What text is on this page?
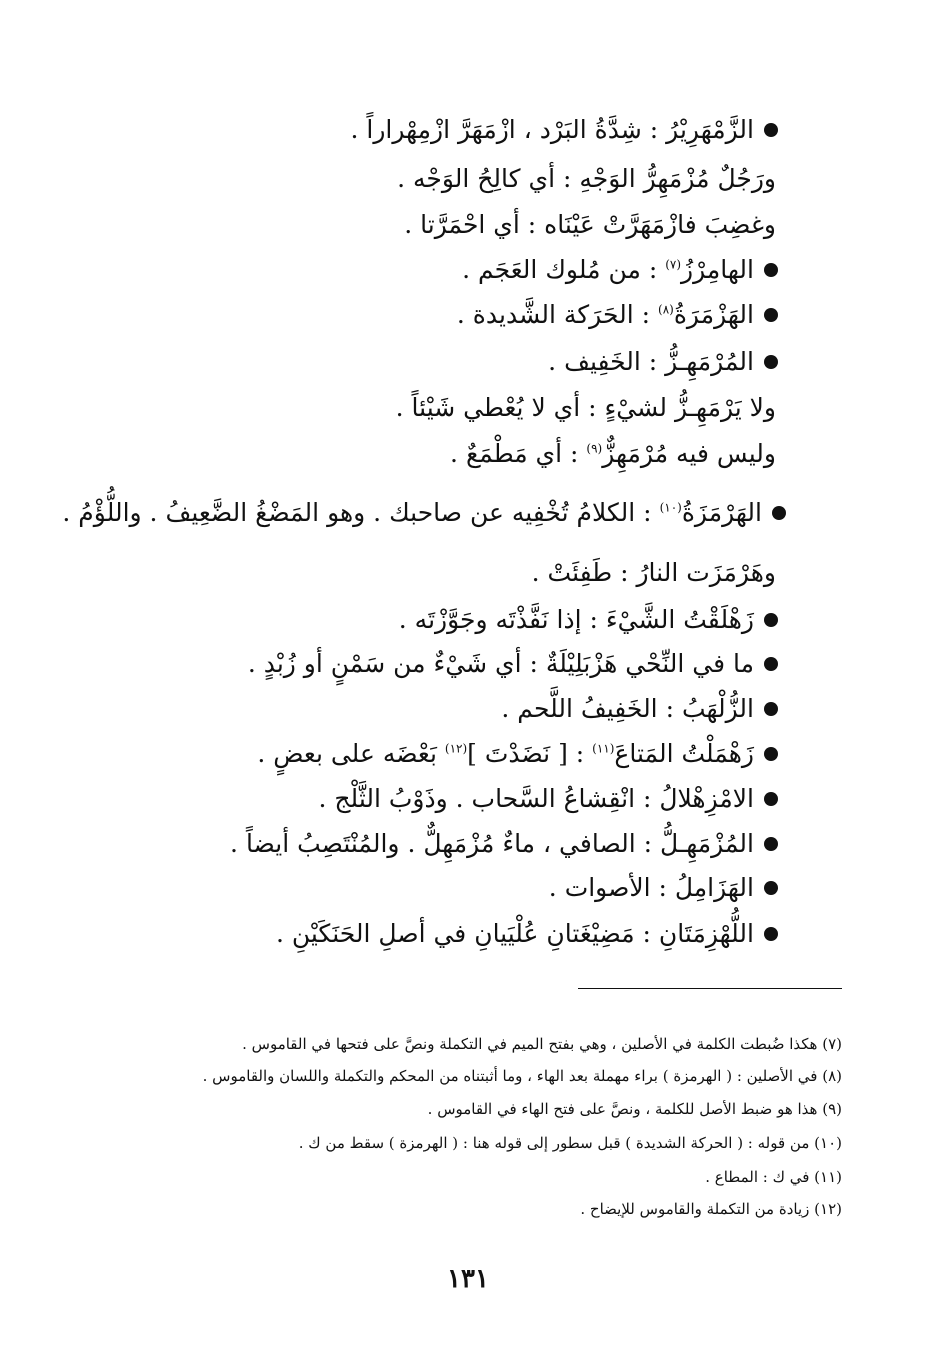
الزَّمْهَرِيْرُ : شِدَّةُ البَرْد ، ازْمَهَرَّ ازْمِهْراراً .
ورَجُلٌ مُزْمَهِرُّ الوَجْهِ : أي كالِحُ الوَجْه .
وغضِبَ فازْمَهَرَّتْ عَيْنَاه : أي احْمَرَّتا .
الهامِرْزُ$^{(٧)}$ : من مُلوك العَجَم .
الهَزْمَرَةُ$^{(٨)}$ : الحَرَكة الشَّديدة .
المُرْمَهِـزُّ : الخَفِيف .
ولا يَرْمَهِـزُّ لشيْءٍ : أي لا يُعْطي شَيْئاً .
وليس فيه مُرْمَهِزٌّ$^{(٩)}$ : أي مَطْمَعٌ .
الهَرْمَزَةُ$^{(١٠)}$ : الكلامُ تُخْفِيه عن صاحبك . وهو المَضْغُ الضَّعِيفُ . واللُّؤْمُ .
وهَرْمَزَت النارُ : طَفِئَتْ .
زَهْلَقْتُ الشَّيْءَ : إذا نَفَّذْتَه وجَوَّزْتَه .
ما في النِّحْي هَزْبَلِيْلَةٌ : أي شَيْءٌ من سَمْنٍ أو زُبْدٍ .
الزُّلْهَبُ : الخَفِيفُ اللَّحم .
زَهْمَلْتُ المَتاعَ$^{(١١)}$ : [ نَضَدْتَ ]$^{(١٢)}$ بَعْضَه على بعضٍ .
الامْزِهْلالُ : انْقِشاعُ السَّحاب . وذَوْبُ الثَّلْج .
المُزْمَهِـلُّ : الصافي ، ماءٌ مُزْمَهِلٌّ . والمُنْتَصِبُ أيضاً .
الهَزَامِلُ : الأصوات .
اللُّهْزِمَتَانِ : مَضِيْغَتانِ عُلْيَيانِ في أصلِ الحَنَكَيْنِ .
(٧) هكذا ضُبطت الكلمة في الأصلين ، وهي بفتح الميم في التكملة ونصَّ على فتحها في القاموس .
(٨) في الأصلين : ( الهرمزة ) براء مهملة بعد الهاء ، وما أثبتناه من المحكم والتكملة واللسان والقاموس .
(٩) هذا هو ضبط الأصل للكلمة ، ونصَّ على فتح الهاء في القاموس .
(١٠) من قوله : ( الحركة الشديدة ) قبل سطور إلى قوله هنا : ( الهرمزة ) سقط من ك .
(١١) في ك : المطاع .
(١٢) زيادة من التكملة والقاموس للإيضاح .
١٣١
